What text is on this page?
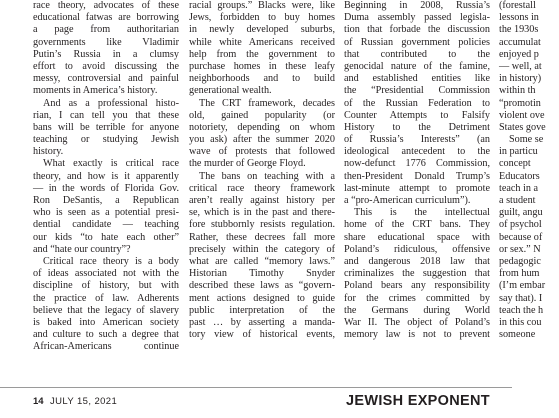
race theory, advocates of these
educational fatwas are borrowing
a page from authoritarian
governments like Vladimir
Putin’s Russia in a clumsy
effort to avoid discussing the
messy, controversial and painful
moments in America’s history.
And as a professional histo-
rian, I can tell you that these
bans will be terrible for anyone
teaching or studying Jewish
history.
What exactly is critical race
theory, and how is it apparently
— in the words of Florida Gov.
Ron DeSantis, a Republican
who is seen as a potential presi-
dential candidate — teaching
our kids “to hate each other”
and “hate our country”?
Critical race theory is a body
of ideas associated not with the
discipline of history, but with
the practice of law. Adherents
believe that the legacy of slavery
is baked into American society
and culture to such a degree that
African-Americans continue
racial groups.” Blacks were, like
Jews, forbidden to buy homes
in newly developed suburbs,
while white Americans received
help from the government to
purchase homes in these leafy
neighborhoods and to build
generational wealth.
The CRT framework, decades
old, gained popularity (or
notoriety, depending on whom
you ask) after the summer 2020
wave of protests that followed
the murder of George Floyd.
The bans on teaching with a
critical race theory framework
aren’t really against history per
se, which is in the past and there-
fore stubbornly resists regulation.
Rather, these decrees fall more
precisely within the category of
what are called “memory laws.”
Historian Timothy Snyder
described these laws as “govern-
ment actions designed to guide
public interpretation of the
past … by asserting a manda-
tory view of historical events,
Beginning in 2008, Russia’s
Duma assembly passed legisla-
tion that forbade the discussion
of Russian government policies
that contributed to the
genocidal nature of the famine,
and established entities like
the “Presidential Commission
of the Russian Federation to
Counter Attempts to Falsify
History to the Detriment
of Russia’s Interests” (an
ideological antecedent to the
now-defunct 1776 Commission,
then-President Donald Trump’s
last-minute attempt to promote
a “pro-American curriculum”).
This is the intellectual
home of the CRT bans. They
share educational space with
Poland’s ridiculous, offensive
and dangerous 2018 law that
criminalizes the suggestion that
Poland bears any responsibility
for the crimes committed by
the Germans during World
War II. The object of Poland’s
memory law is not to prevent
(forestall
lessons in
the 1930s
accumulat
enjoyed p
— well, at
in history)
within th
“promotin
violent ove
States gove
Some se
in particu
concept
Educators
teach in a
a student
guilt, angu
of psychol
because of
or sex.” N
pedagogic
from hum
(I’m embar
say that). I
teach the h
in this cou
someone
14 JULY 15, 2021	JEWISH EXPONENT
